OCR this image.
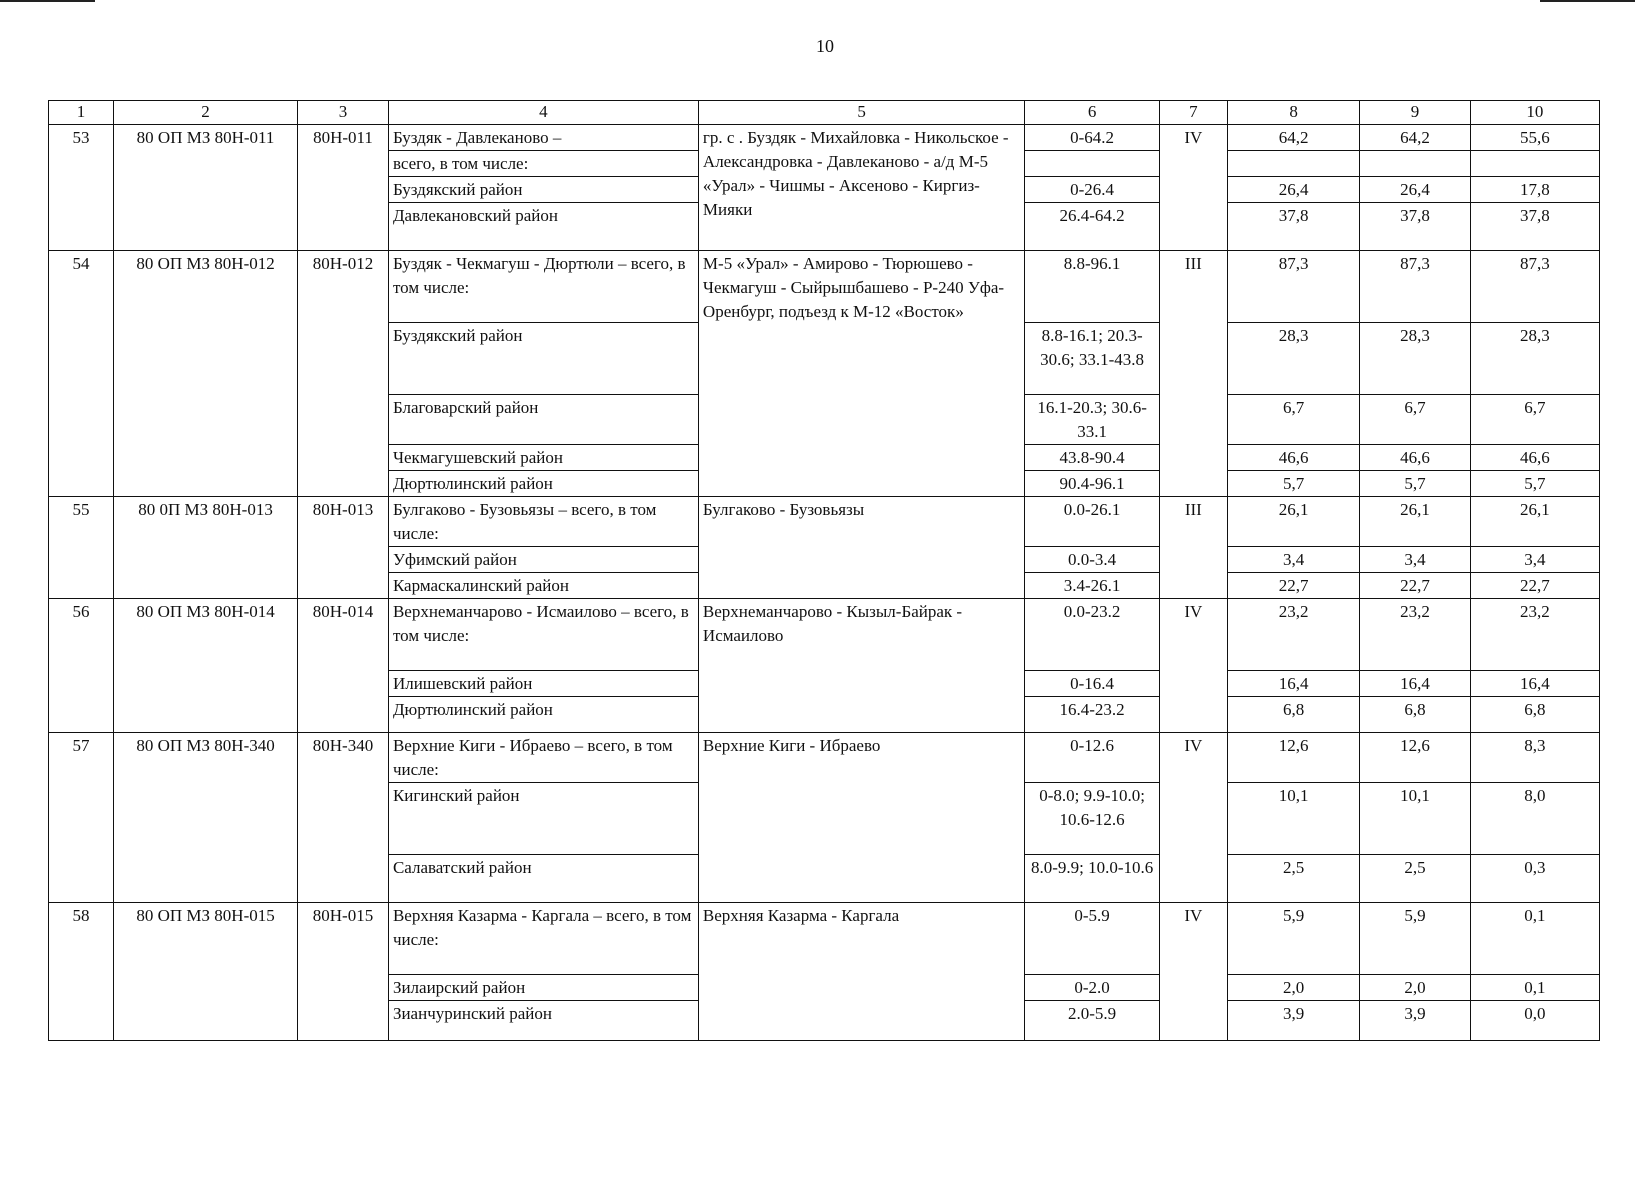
10
1	2	3	4	5	6	7	8	9	10
53	80 ОП МЗ 80Н-011	80Н-011	Буздяк - Давлеканово –	гр. с . Буздяк - Михайловка - Никольское - Александровка - Давлеканово - а/д М-5 «Урал» - Чишмы - Аксеново - Киргиз-Мияки	0-64.2	IV	64,2	64,2	55,6
			всего, в том числе:						
			Буздякский район		0-26.4		26,4	26,4	17,8
			Давлекановский район		26.4-64.2		37,8	37,8	37,8
54	80 ОП МЗ 80Н-012	80Н-012	Буздяк - Чекмагуш - Дюртюли – всего, в том числе:	М-5 «Урал» - Амирово - Тюрюшево - Чекмагуш - Сыйрышбашево - Р-240 Уфа-Оренбург, подъезд к М-12 «Восток»	8.8-96.1	III	87,3	87,3	87,3
			Буздякский район		8.8-16.1; 20.3-30.6; 33.1-43.8		28,3	28,3	28,3
			Благоварский район		16.1-20.3; 30.6-33.1		6,7	6,7	6,7
			Чекмагушевский район		43.8-90.4		46,6	46,6	46,6
			Дюртюлинский район		90.4-96.1		5,7	5,7	5,7
55	80 0П МЗ 80Н-013	80Н-013	Булгаково - Бузовьязы – всего, в том числе:	Булгаково - Бузовьязы	0.0-26.1	III	26,1	26,1	26,1
			Уфимский район		0.0-3.4		3,4	3,4	3,4
			Кармаскалинский район		3.4-26.1		22,7	22,7	22,7
56	80 ОП МЗ 80Н-014	80Н-014	Верхнеманчарово - Исмаилово – всего, в том числе:	Верхнеманчарово - Кызыл-Байрак - Исмаилово	0.0-23.2	IV	23,2	23,2	23,2
			Илишевский район		0-16.4		16,4	16,4	16,4
			Дюртюлинский район		16.4-23.2		6,8	6,8	6,8
57	80 ОП МЗ 80Н-340	80Н-340	Верхние Киги - Ибраево – всего, в том числе:	Верхние Киги - Ибраево	0-12.6	IV	12,6	12,6	8,3
			Кигинский район		0-8.0; 9.9-10.0; 10.6-12.6		10,1	10,1	8,0
			Салаватский район		8.0-9.9; 10.0-10.6		2,5	2,5	0,3
58	80 ОП МЗ 80Н-015	80Н-015	Верхняя Казарма - Каргала – всего, в том числе:	Верхняя Казарма - Каргала	0-5.9	IV	5,9	5,9	0,1
			Зилаирский район		0-2.0		2,0	2,0	0,1
			Зианчуринский район		2.0-5.9		3,9	3,9	0,0
